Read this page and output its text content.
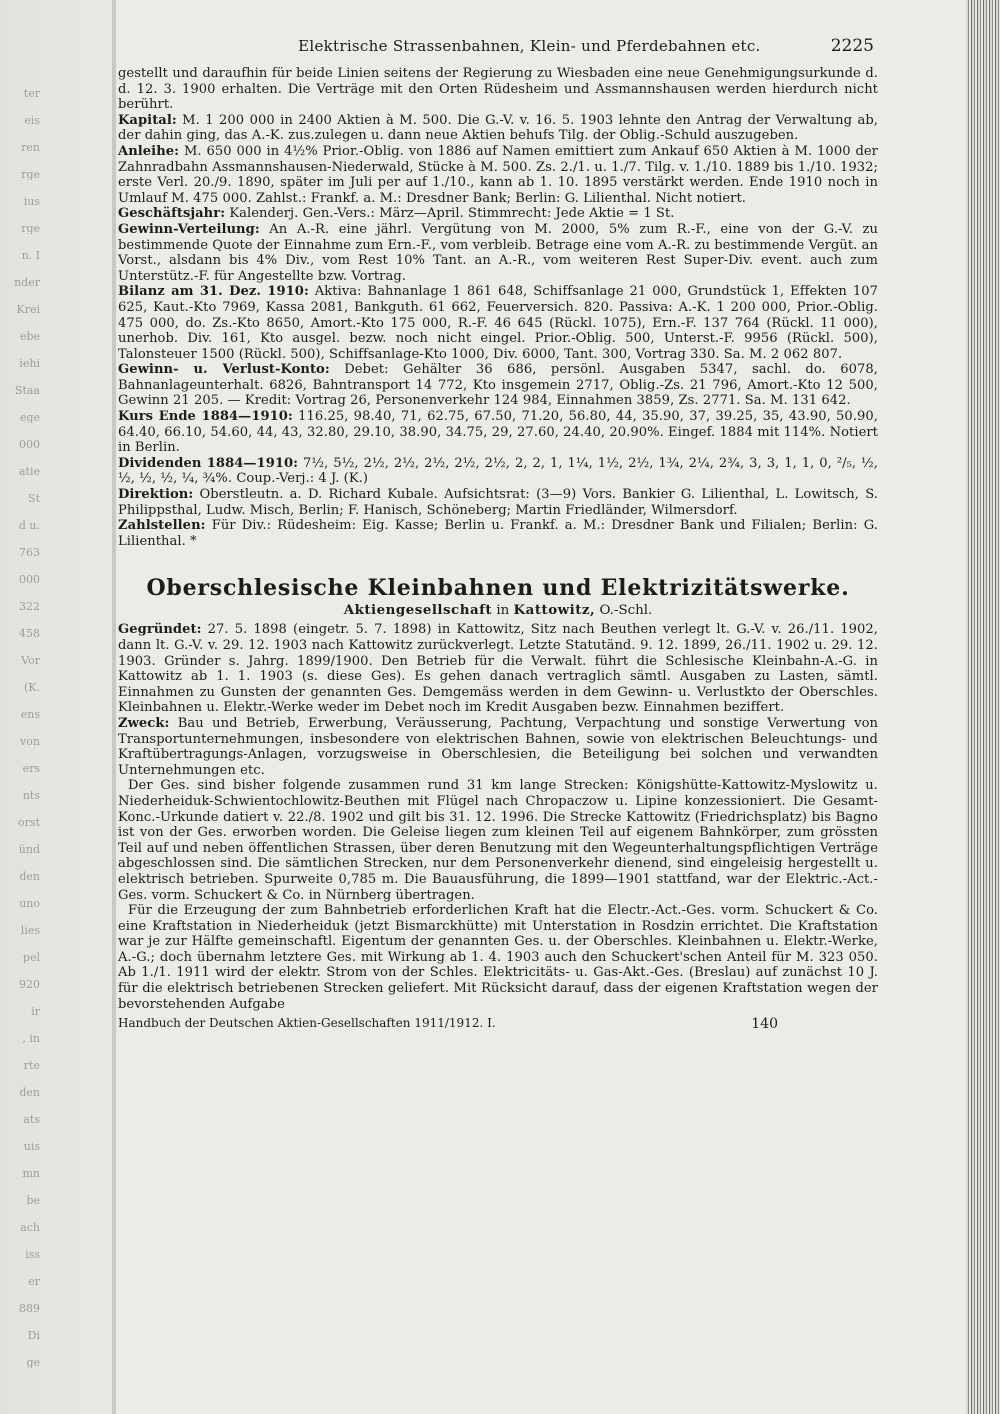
ter
eis
ren
rge
ius
rge
n. I
nder
Krei
ebe
iehi
Staa
ege
000
atie
St
d u.
763
000
322
458
Vor
(K.
ens
von
ers
nts
orst
ünd
den
uno
lies
pel
920
ir
, in
rte
den
ats
uis
mn
be
ach
iss
er
889
Di
ge
Elektrische Strassenbahnen, Klein- und Pferdebahnen etc.	2225

gestellt und daraufhin für beide Linien seitens der Regierung zu Wiesbaden eine neue Genehmigungsurkunde d. d. 12. 3. 1900 erhalten. Die Verträge mit den Orten Rüdesheim und Assmannshausen werden hierdurch nicht berührt.

Kapital: M. 1 200 000 in 2400 Aktien à M. 500. Die G.-V. v. 16. 5. 1903 lehnte den Antrag der Verwaltung ab, der dahin ging, das A.-K. zus.zulegen u. dann neue Aktien behufs Tilg. der Oblig.-Schuld auszugeben.

Anleihe: M. 650 000 in 4½% Prior.-Oblig. von 1886 auf Namen emittiert zum Ankauf 650 Aktien à M. 1000 der Zahnradbahn Assmannshausen-Niederwald, Stücke à M. 500. Zs. 2./1. u. 1./7. Tilg. v. 1./10. 1889 bis 1./10. 1932; erste Verl. 20./9. 1890, später im Juli per auf 1./10., kann ab 1. 10. 1895 verstärkt werden. Ende 1910 noch in Umlauf M. 475 000. Zahlst.: Frankf. a. M.: Dresdner Bank; Berlin: G. Lilienthal. Nicht notiert.

Geschäftsjahr: Kalenderj. Gen.-Vers.: März—April. Stimmrecht: Jede Aktie = 1 St.

Gewinn-Verteilung: An A.-R. eine jährl. Vergütung von M. 2000, 5% zum R.-F., eine von der G.-V. zu bestimmende Quote der Einnahme zum Ern.-F., vom verbleib. Betrage eine vom A.-R. zu bestimmende Vergüt. an Vorst., alsdann bis 4% Div., vom Rest 10% Tant. an A.-R., vom weiteren Rest Super-Div. event. auch zum Unterstütz.-F. für Angestellte bzw. Vortrag.

Bilanz am 31. Dez. 1910: Aktiva: Bahnanlage 1 861 648, Schiffsanlage 21 000, Grundstück 1, Effekten 107 625, Kaut.-Kto 7969, Kassa 2081, Bankguth. 61 662, Feuerversich. 820. Passiva: A.-K. 1 200 000, Prior.-Oblig. 475 000, do. Zs.-Kto 8650, Amort.-Kto 175 000, R.-F. 46 645 (Rückl. 1075), Ern.-F. 137 764 (Rückl. 11 000), unerhob. Div. 161, Kto ausgel. bezw. noch nicht eingel. Prior.-Oblig. 500, Unterst.-F. 9956 (Rückl. 500), Talonsteuer 1500 (Rückl. 500), Schiffsanlage-Kto 1000, Div. 6000, Tant. 300, Vortrag 330. Sa. M. 2 062 807.

Gewinn- u. Verlust-Konto: Debet: Gehälter 36 686, persönl. Ausgaben 5347, sachl. do. 6078, Bahnanlageunterhalt. 6826, Bahntransport 14 772, Kto insgemein 2717, Oblig.-Zs. 21 796, Amort.-Kto 12 500, Gewinn 21 205. — Kredit: Vortrag 26, Personenverkehr 124 984, Einnahmen 3859, Zs. 2771. Sa. M. 131 642.

Kurs Ende 1884—1910: 116.25, 98.40, 71, 62.75, 67.50, 71.20, 56.80, 44, 35.90, 37, 39.25, 35, 43.90, 50.90, 64.40, 66.10, 54.60, 44, 43, 32.80, 29.10, 38.90, 34.75, 29, 27.60, 24.40, 20.90%. Eingef. 1884 mit 114%. Notiert in Berlin.

Dividenden 1884—1910: 7½, 5½, 2½, 2½, 2½, 2½, 2½, 2, 2, 1, 1¼, 1½, 2½, 1¾, 2¼, 2¾, 3, 3, 1, 1, 0, ²/₅, ½, ½, ½, ½, ¼, ¾%. Coup.-Verj.: 4 J. (K.)

Direktion: Oberstleutn. a. D. Richard Kubale. Aufsichtsrat: (3—9) Vors. Bankier G. Lilienthal, L. Lowitsch, S. Philippsthal, Ludw. Misch, Berlin; F. Hanisch, Schöneberg; Martin Friedländer, Wilmersdorf.

Zahlstellen: Für Div.: Rüdesheim: Eig. Kasse; Berlin u. Frankf. a. M.: Dresdner Bank und Filialen; Berlin: G. Lilienthal. *

Oberschlesische Kleinbahnen und Elektrizitätswerke.
Aktiengesellschaft in Kattowitz, O.-Schl.

Gegründet: 27. 5. 1898 (eingetr. 5. 7. 1898) in Kattowitz, Sitz nach Beuthen verlegt lt. G.-V. v. 26./11. 1902, dann lt. G.-V. v. 29. 12. 1903 nach Kattowitz zurückverlegt. Letzte Statutänd. 9. 12. 1899, 26./11. 1902 u. 29. 12. 1903. Gründer s. Jahrg. 1899/1900. Den Betrieb für die Verwalt. führt die Schlesische Kleinbahn-A.-G. in Kattowitz ab 1. 1. 1903 (s. diese Ges). Es gehen danach vertraglich sämtl. Ausgaben zu Lasten, sämtl. Einnahmen zu Gunsten der genannten Ges. Demgemäss werden in dem Gewinn- u. Verlustkto der Oberschles. Kleinbahnen u. Elektr.-Werke weder im Debet noch im Kredit Ausgaben bezw. Einnahmen beziffert.

Zweck: Bau und Betrieb, Erwerbung, Veräusserung, Pachtung, Verpachtung und sonstige Verwertung von Transportunternehmungen, insbesondere von elektrischen Bahnen, sowie von elektrischen Beleuchtungs- und Kraftübertragungs-Anlagen, vorzugsweise in Oberschlesien, die Beteiligung bei solchen und verwandten Unternehmungen etc.

Der Ges. sind bisher folgende zusammen rund 31 km lange Strecken: Königshütte-Kattowitz-Myslowitz u. Niederheiduk-Schwientochlowitz-Beuthen mit Flügel nach Chropaczow u. Lipine konzessioniert. Die Gesamt-Konc.-Urkunde datiert v. 22./8. 1902 und gilt bis 31. 12. 1996. Die Strecke Kattowitz (Friedrichsplatz) bis Bagno ist von der Ges. erworben worden. Die Geleise liegen zum kleinen Teil auf eigenem Bahnkörper, zum grössten Teil auf und neben öffentlichen Strassen, über deren Benutzung mit den Wegeunterhaltungspflichtigen Verträge abgeschlossen sind. Die sämtlichen Strecken, nur dem Personenverkehr dienend, sind eingeleisig hergestellt u. elektrisch betrieben. Spurweite 0,785 m. Die Bauausführung, die 1899—1901 stattfand, war der Elektric.-Act.-Ges. vorm. Schuckert & Co. in Nürnberg übertragen.

Für die Erzeugung der zum Bahnbetrieb erforderlichen Kraft hat die Electr.-Act.-Ges. vorm. Schuckert & Co. eine Kraftstation in Niederheiduk (jetzt Bismarckhütte) mit Unterstation in Rosdzin errichtet. Die Kraftstation war je zur Hälfte gemeinschaftl. Eigentum der genannten Ges. u. der Oberschles. Kleinbahnen u. Elektr.-Werke, A.-G.; doch übernahm letztere Ges. mit Wirkung ab 1. 4. 1903 auch den Schuckert'schen Anteil für M. 323 050. Ab 1./1. 1911 wird der elektr. Strom von der Schles. Elektricitäts- u. Gas-Akt.-Ges. (Breslau) auf zunächst 10 J. für die elektrisch betriebenen Strecken geliefert. Mit Rücksicht darauf, dass der eigenen Kraftstation wegen der bevorstehenden Aufgabe

Handbuch der Deutschen Aktien-Gesellschaften 1911/1912. I.	140
